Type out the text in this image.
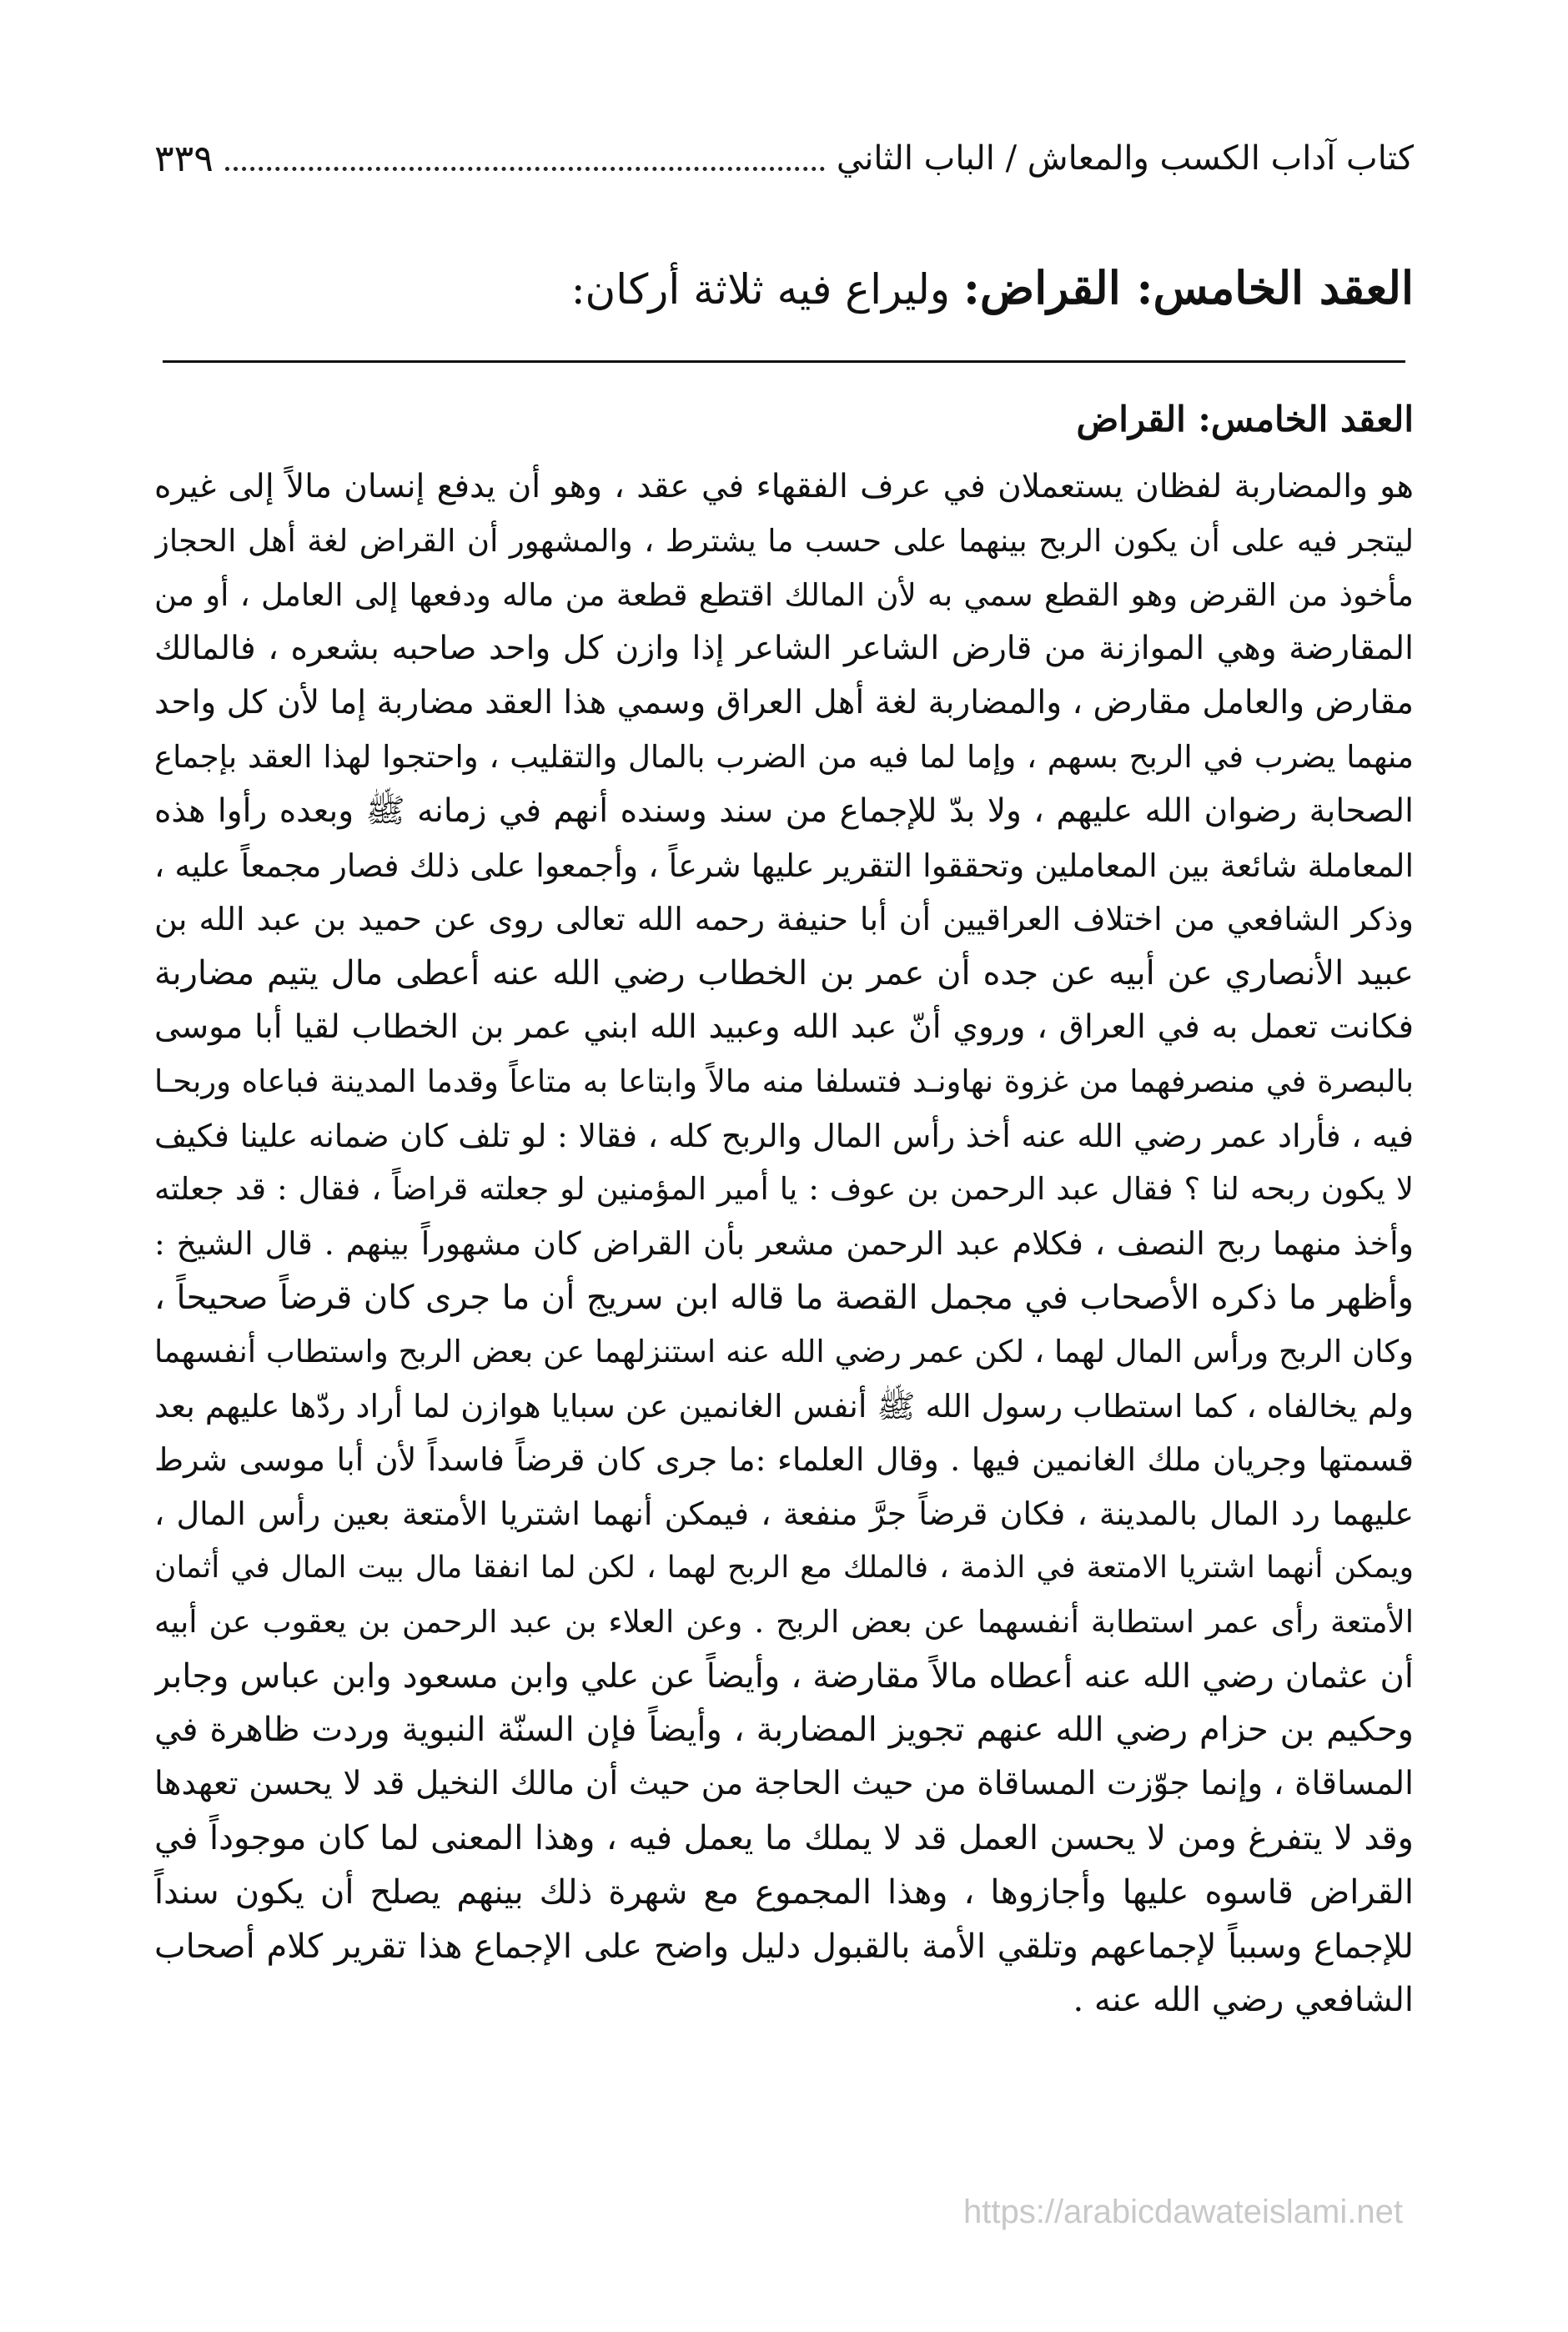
كتاب آداب الكسب والمعاش / الباب الثاني
٣٣٩
العقد الخامس: القراض: وليراع فيه ثلاثة أركان:
العقد الخامس: القراض
هو والمضاربة لفظان يستعملان في عرف الفقهاء في عقد ، وهو أن يدفع إنسان مالاً إلى غيره
ليتجر فيه على أن يكون الربح بينهما على حسب ما يشترط ، والمشهور أن القراض لغة أهل الحجاز
مأخوذ من القرض وهو القطع سمي به لأن المالك اقتطع قطعة من ماله ودفعها إلى العامل ، أو من
المقارضة وهي الموازنة من قارض الشاعر الشاعر إذا وازن كل واحد صاحبه بشعره ، فالمالك
مقارض والعامل مقارض ، والمضاربة لغة أهل العراق وسمي هذا العقد مضاربة إما لأن كل واحد
منهما يضرب في الربح بسهم ، وإما لما فيه من الضرب بالمال والتقليب ، واحتجوا لهذا العقد بإجماع
الصحابة رضوان الله عليهم ، ولا بدّ للإجماع من سند وسنده أنهم في زمانه ﷺ وبعده رأوا هذه
المعاملة شائعة بين المعاملين وتحققوا التقرير عليها شرعاً ، وأجمعوا على ذلك فصار مجمعاً عليه ،
وذكر الشافعي من اختلاف العراقيين أن أبا حنيفة رحمه الله تعالى روى عن حميد بن عبد الله بن
عبيد الأنصاري عن أبيه عن جده أن عمر بن الخطاب رضي الله عنه أعطى مال يتيم مضاربة
فكانت تعمل به في العراق ، وروي أنّ عبد الله وعبيد الله ابني عمر بن الخطاب لقيا أبا موسى
بالبصرة في منصرفهما من غزوة نهاونـد فتسلفا منه مالاً وابتاعا به متاعاً وقدما المدينة فباعاه وربحـا
فيه ، فأراد عمر رضي الله عنه أخذ رأس المال والربح كله ، فقالا : لو تلف كان ضمانه علينا فكيف
لا يكون ربحه لنا ؟ فقال عبد الرحمن بن عوف : يا أمير المؤمنين لو جعلته قراضاً ، فقال : قد جعلته
وأخذ منهما ربح النصف ، فكلام عبد الرحمن مشعر بأن القراض كان مشهوراً بينهم . قال الشيخ :
وأظهر ما ذكره الأصحاب في مجمل القصة ما قاله ابن سريج أن ما جرى كان قرضاً صحيحاً ،
وكان الربح ورأس المال لهما ، لكن عمر رضي الله عنه استنزلهما عن بعض الربح واستطاب أنفسهما
ولم يخالفاه ، كما استطاب رسول الله ﷺ أنفس الغانمين عن سبايا هوازن لما أراد ردّها عليهم بعد
قسمتها وجريان ملك الغانمين فيها . وقال العلماء :ما جرى كان قرضاً فاسداً لأن أبا موسى شرط
عليهما رد المال بالمدينة ، فكان قرضاً جرَّ منفعة ، فيمكن أنهما اشتريا الأمتعة بعين رأس المال ،
ويمكن أنهما اشتريا الامتعة في الذمة ، فالملك مع الربح لهما ، لكن لما انفقا مال بيت المال في أثمان
الأمتعة رأى عمر استطابة أنفسهما عن بعض الربح . وعن العلاء بن عبد الرحمن بن يعقوب عن أبيه
أن عثمان رضي الله عنه أعطاه مالاً مقارضة ، وأيضاً عن علي وابن مسعود وابن عباس وجابر
وحكيم بن حزام رضي الله عنهم تجويز المضاربة ، وأيضاً فإن السنّة النبوية وردت ظاهرة في
المساقاة ، وإنما جوّزت المساقاة من حيث الحاجة من حيث أن مالك النخيل قد لا يحسن تعهدها
وقد لا يتفرغ ومن لا يحسن العمل قد لا يملك ما يعمل فيه ، وهذا المعنى لما كان موجوداً في
القراض قاسوه عليها وأجازوها ، وهذا المجموع مع شهرة ذلك بينهم يصلح أن يكون سنداً
للإجماع وسبباً لإجماعهم وتلقي الأمة بالقبول دليل واضح على الإجماع هذا تقرير كلام أصحاب
الشافعي رضي الله عنه .
https://arabicdawateislami.net
